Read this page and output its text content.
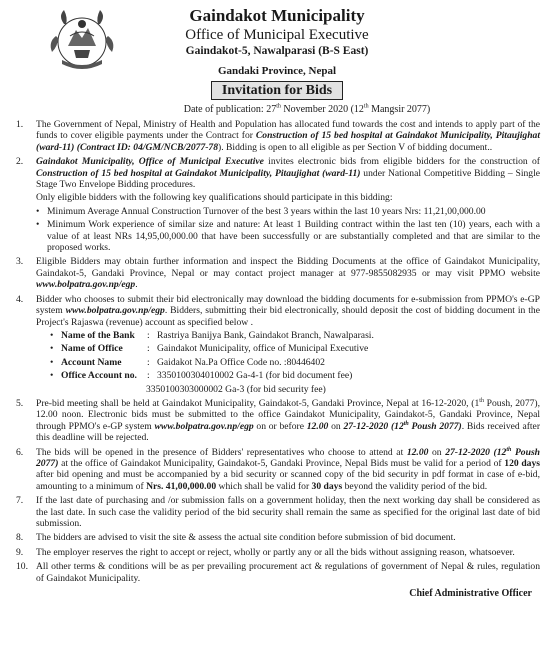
Gaindakot Municipality
Office of Municipal Executive
Gaindakot-5, Nawalparasi (B-S East)
Gandaki Province, Nepal
Invitation for Bids
Date of publication: 27th November 2020 (12th Mangsir 2077)
1. The Government of Nepal, Ministry of Health and Population has allocated fund towards the cost and intends to apply part of the funds to cover eligible payments under the Contract for Construction of 15 bed hospital at Gaindakot Municipality, Pitaujighat (ward-11) (Contract ID: 04/GM/NCB/2077-78). Bidding is open to all eligible as per Section V of bidding document..
2. Gaindakot Municipality, Office of Municipal Executive invites electronic bids from eligible bidders for the construction of Construction of 15 bed hospital at Gaindakot Municipality, Pitaujighat (ward-11) under National Competitive Bidding – Single Stage Two Envelope Bidding procedures.
Only eligible bidders with the following key qualifications should participate in this bidding:
• Minimum Average Annual Construction Turnover of the best 3 years within the last 10 years Nrs: 11,21,00,000.00
• Minimum Work experience of similar size and nature: At least 1 Building contract within the last ten (10) years, each with a value of at least NRs 14,95,00,000.00 that have been successfully or are substantially completed and that are similar to the proposed works.
3. Eligible Bidders may obtain further information and inspect the Bidding Documents at the office of Gaindakot Municipality, Gaindakot-5, Gandaki Province, Nepal or may contact project manager at 977-9855082935 or may visit PPMO website www.bolpatra.gov.np/egp.
4. Bidder who chooses to submit their bid electronically may download the bidding documents for e-submission from PPMO's e-GP system www.bolpatra.gov.np/egp. Bidders, submitting their bid electronically, should deposit the cost of bidding document in the Project's Rajaswa (revenue) account as specified below .
• Name of the Bank	: Rastriya Banijya Bank, Gaindakot Branch, Nawalparasi.
• Name of Office	: Gaindakot Municipality, office of Municipal Executive
• Account Name	: Gaidakot Na.Pa Office Code no. :80446402
• Office Account no.	: 3350100304010002 Ga-4-1 (for bid document fee)
3350100303000002 Ga-3 (for bid security fee)
5. Pre-bid meeting shall be held at Gaindakot Municipality, Gaindakot-5, Gandaki Province, Nepal at 16-12-2020, (1th Poush, 2077), 12.00 noon. Electronic bids must be submitted to the office Gaindakot Municipality, Gaindakot-5, Gandaki Province, Nepal through PPMO's e-GP system www.bolpatra.gov.np/egp on or before 12.00 on 27-12-2020 (12th Poush 2077). Bids received after this deadline will be rejected.
6. The bids will be opened in the presence of Bidders' representatives who choose to attend at 12.00 on 27-12-2020 (12th Poush 2077) at the office of Gaindakot Municipality, Gaindakot-5, Gandaki Province, Nepal Bids must be valid for a period of 120 days after bid opening and must be accompanied by a bid security or scanned copy of the bid security in pdf format in case of e-bid, amounting to a minimum of Nrs. 41,00,000.00 which shall be valid for 30 days beyond the validity period of the bid.
7. If the last date of purchasing and /or submission falls on a government holiday, then the next working day shall be considered as the last date. In such case the validity period of the bid security shall remain the same as specified for the original last date of bid submission.
8. The bidders are advised to visit the site & assess the actual site condition before submission of bid document.
9. The employer reserves the right to accept or reject, wholly or partly any or all the bids without assigning reason, whatsoever.
10. All other terms & conditions will be as per prevailing procurement act & regulations of government of Nepal & rules, regulation of Gaindakot Municipality.
Chief Administrative Officer
